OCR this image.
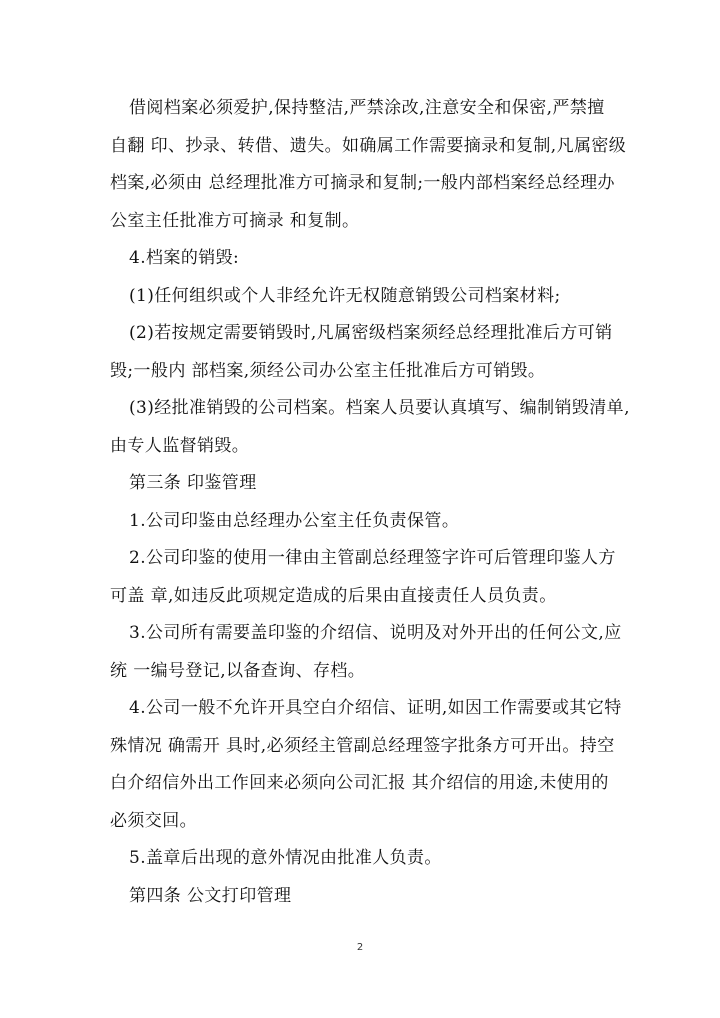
借阅档案必须爱护,保持整洁,严禁涂改,注意安全和保密,严禁擅
自翻 印、抄录、转借、遗失。如确属工作需要摘录和复制,凡属密级
档案,必须由 总经理批准方可摘录和复制;一般内部档案经总经理办
公室主任批准方可摘录 和复制。
4.档案的销毁:
(1)任何组织或个人非经允许无权随意销毁公司档案材料;
(2)若按规定需要销毁时,凡属密级档案须经总经理批准后方可销
毁;一般内 部档案,须经公司办公室主任批准后方可销毁。
(3)经批准销毁的公司档案。档案人员要认真填写、编制销毁清单,
由专人监督销毁。
第三条 印鉴管理
1.公司印鉴由总经理办公室主任负责保管。
2.公司印鉴的使用一律由主管副总经理签字许可后管理印鉴人方
可盖 章,如违反此项规定造成的后果由直接责任人员负责。
3.公司所有需要盖印鉴的介绍信、说明及对外开出的任何公文,应
统 一编号登记,以备查询、存档。
4.公司一般不允许开具空白介绍信、证明,如因工作需要或其它特
殊情况 确需开 具时,必须经主管副总经理签字批条方可开出。持空
白介绍信外出工作回来必须向公司汇报 其介绍信的用途,未使用的
必须交回。
5.盖章后出现的意外情况由批准人负责。
第四条 公文打印管理
2
